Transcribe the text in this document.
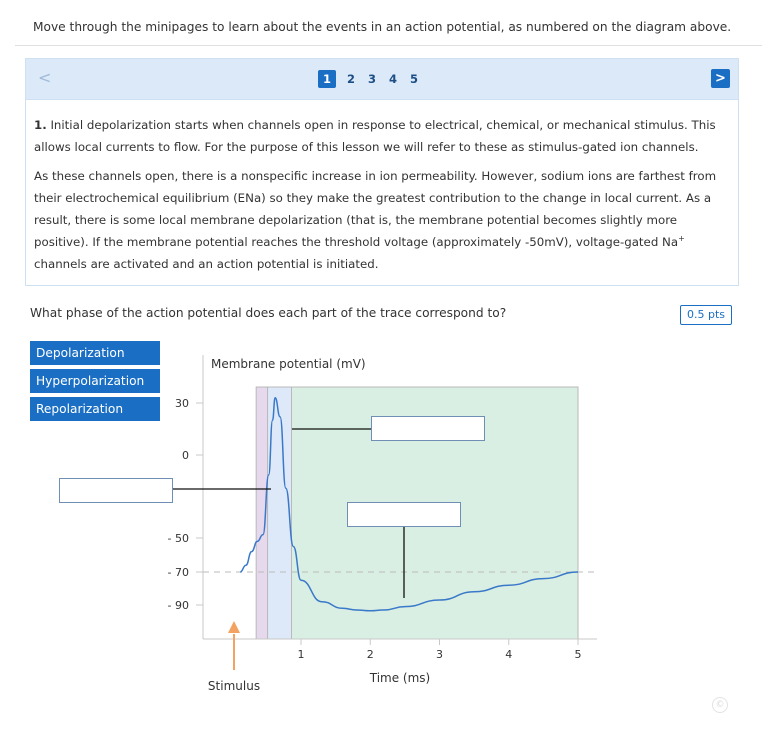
Move through the minipages to learn about the events in an action potential, as numbered on the diagram above.
<	1	2 3 4 5	>

1. Initial depolarization starts when channels open in response to electrical, chemical, or mechanical stimulus. This allows local currents to flow. For the purpose of this lesson we will refer to these as stimulus-gated ion channels.

As these channels open, there is a nonspecific increase in ion permeability. However, sodium ions are farthest from their electrochemical equilibrium (ENa) so they make the greatest contribution to the change in local current. As a result, there is some local membrane depolarization (that is, the membrane potential becomes slightly more positive). If the membrane potential reaches the threshold voltage (approximately -50mV), voltage-gated Na+ channels are activated and an action potential is initiated.

What phase of the action potential does each part of the trace correspond to?	0.5 pts
Depolarization
Hyperpolarization
Repolarization	30
0
- 50
- 70
- 90
1	2	3	4	5
Membrane potential (mV)
Time (ms)
Stimulus
©
